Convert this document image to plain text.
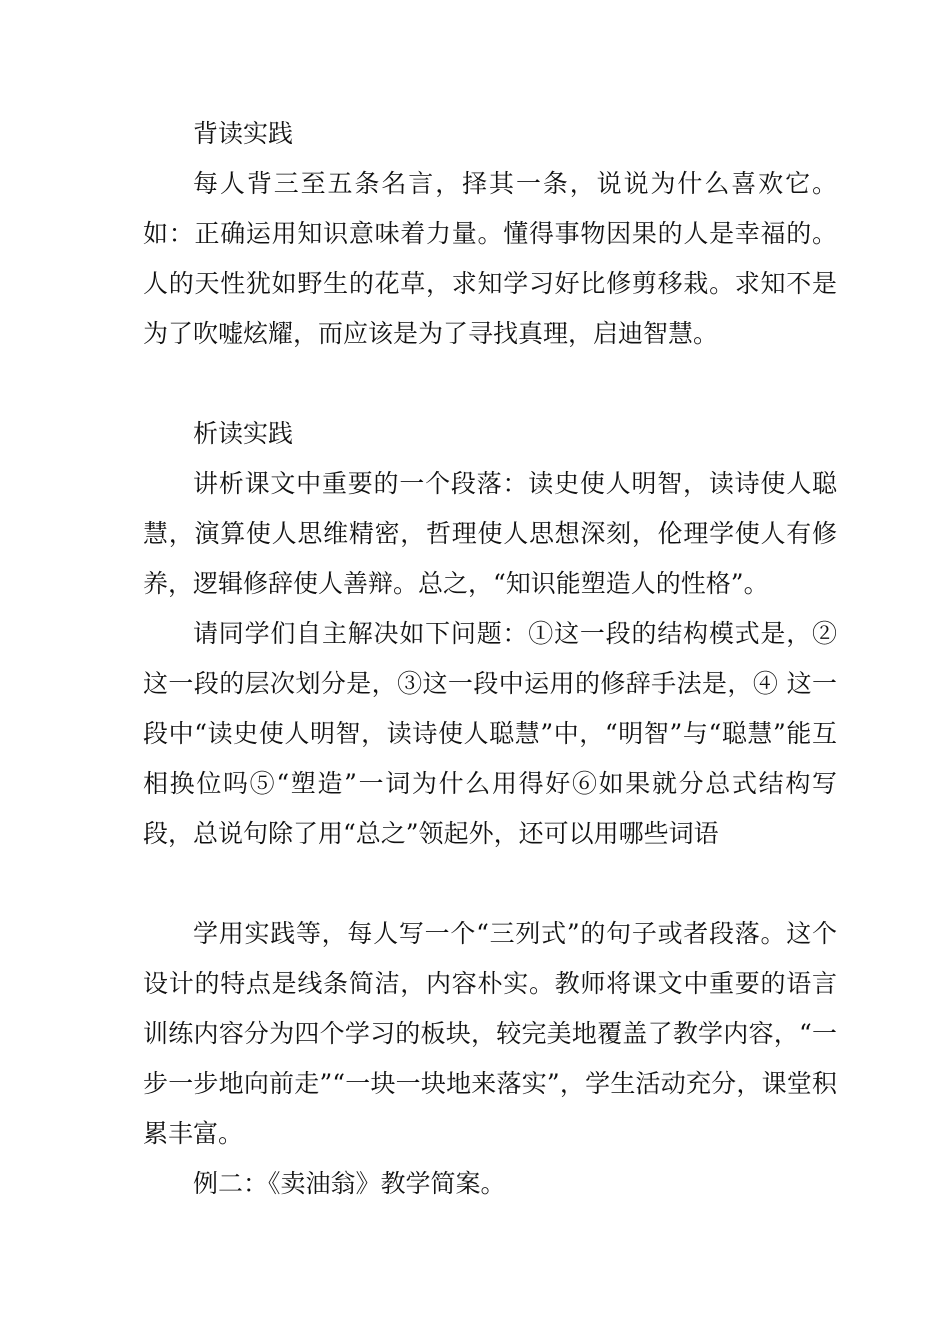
背读实践

每人背三至五条名言，择其一条，说说为什么喜欢它。如：正确运用知识意味着力量。懂得事物因果的人是幸福的。人的天性犹如野生的花草，求知学习好比修剪移栽。求知不是为了吹嘘炫耀，而应该是为了寻找真理，启迪智慧。

析读实践

讲析课文中重要的一个段落：读史使人明智，读诗使人聪慧，演算使人思维精密，哲理使人思想深刻，伦理学使人有修养，逻辑修辞使人善辩。总之，“知识能塑造人的性格”。

请同学们自主解决如下问题：①这一段的结构模式是，② 这一段的层次划分是，③这一段中运用的修辞手法是，④ 这一段中“读史使人明智，读诗使人聪慧”中，“明智”与“聪慧”能互相换位吗⑤“塑造”一词为什么用得好⑥如果就分总式结构写段，总说句除了用“总之”领起外，还可以用哪些词语

学用实践等，每人写一个“三列式”的句子或者段落。这个设计的特点是线条简洁，内容朴实。教师将课文中重要的语言训练内容分为四个学习的板块，较完美地覆盖了教学内容，“一步一步地向前走”“一块一块地来落实”，学生活动充分，课堂积累丰富。

例二：《卖油翁》教学简案。
